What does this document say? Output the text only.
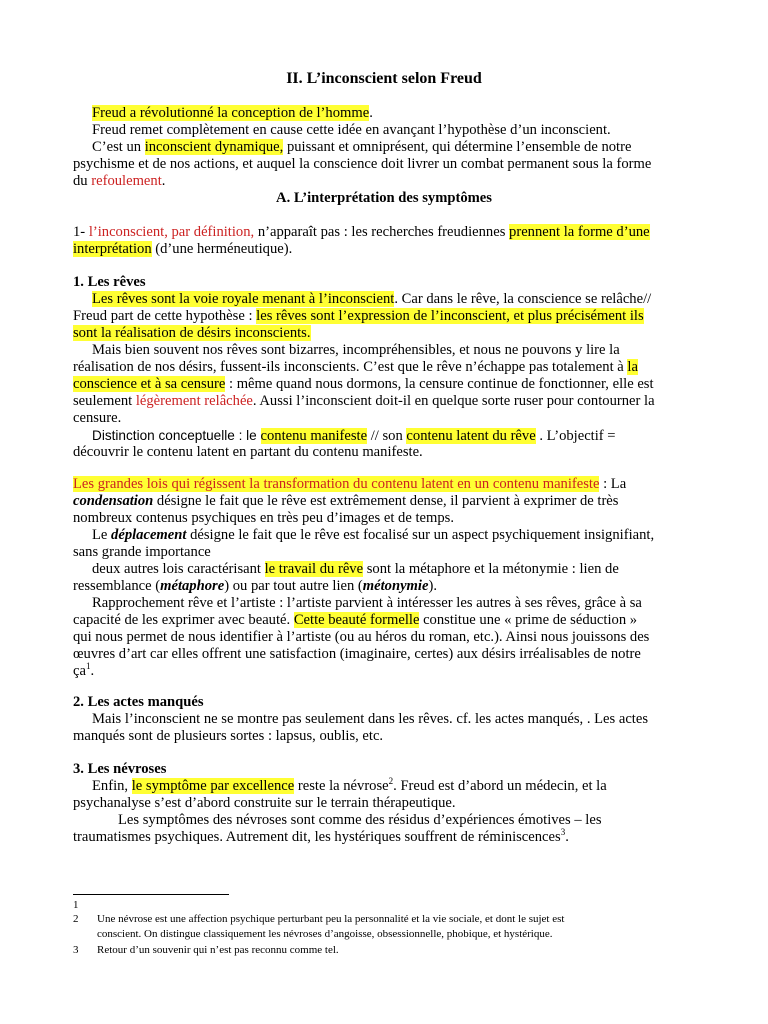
II. L’inconscient selon Freud
Freud a révolutionné la conception de l’homme.
Freud remet complètement en cause cette idée en avançant l’hypothèse d’un inconscient.
C’est un inconscient dynamique, puissant et omniprésent, qui détermine l’ensemble de notre
psychisme et de nos actions, et auquel la conscience doit livrer un combat permanent sous la forme
du refoulement.
A. L’interprétation des symptômes
1- l’inconscient, par définition, n’apparaît pas : les recherches freudiennes prennent la forme d’une
interprétation (d’une herméneutique).
1. Les rêves
Les rêves sont la voie royale menant à l’inconscient. Car dans le rêve, la conscience se relâche//
Freud part de cette hypothèse : les rêves sont l’expression de l’inconscient, et plus précisément ils
sont la réalisation de désirs inconscients.
Mais bien souvent nos rêves sont bizarres, incompréhensibles, et nous ne pouvons y lire la
réalisation de nos désirs, fussent-ils inconscients. C’est que le rêve n’échappe pas totalement à la
conscience et à sa censure : même quand nous dormons, la censure continue de fonctionner, elle est
seulement légèrement relâchée. Aussi l’inconscient doit-il en quelque sorte ruser pour contourner la
censure.
Distinction conceptuelle : le contenu manifeste // son contenu latent du rêve . L’objectif =
découvrir le contenu latent en partant du contenu manifeste.
Les grandes lois qui régissent la transformation du contenu latent en un contenu manifeste : La
condensation désigne le fait que le rêve est extrêmement dense, il parvient à exprimer de très
nombreux contenus psychiques en très peu d’images et de temps.
Le déplacement désigne le fait que le rêve est focalisé sur un aspect psychiquement insignifiant,
sans grande importance
deux autres lois caractérisant le travail du rêve sont la métaphore et la métonymie : lien de
ressemblance (métaphore) ou par tout autre lien (métonymie).
Rapprochement rêve et l’artiste : l’artiste parvient à intéresser les autres à ses rêves, grâce à sa
capacité de les exprimer avec beauté. Cette beauté formelle constitue une « prime de séduction »
qui nous permet de nous identifier à l’artiste (ou au héros du roman, etc.). Ainsi nous jouissons des
œuvres d’art car elles offrent une satisfaction (imaginaire, certes) aux désirs irréalisables de notre
$ça^1$.
2. Les actes manqués
Mais l’inconscient ne se montre pas seulement dans les rêves. cf. les actes manqués, . Les actes
manqués sont de plusieurs sortes : lapsus, oublis, etc.
3. Les névroses
Enfin, le symptôme par excellence reste la névrose$^2$. Freud est d’abord un médecin, et la
psychanalyse s’est d’abord construite sur le terrain thérapeutique.
Les symptômes des névroses sont comme des résidus d’expériences émotives – les
traumatismes psychiques. Autrement dit, les hystériques souffrent de réminiscences$^3$.
1
2 Une névrose est une affection psychique perturbant peu la personnalité et la vie sociale, et dont le sujet est
conscient. On distingue classiquement les névroses d’angoisse, obsessionnelle, phobique, et hystérique.
3 Retour d’un souvenir qui n’est pas reconnu comme tel.
